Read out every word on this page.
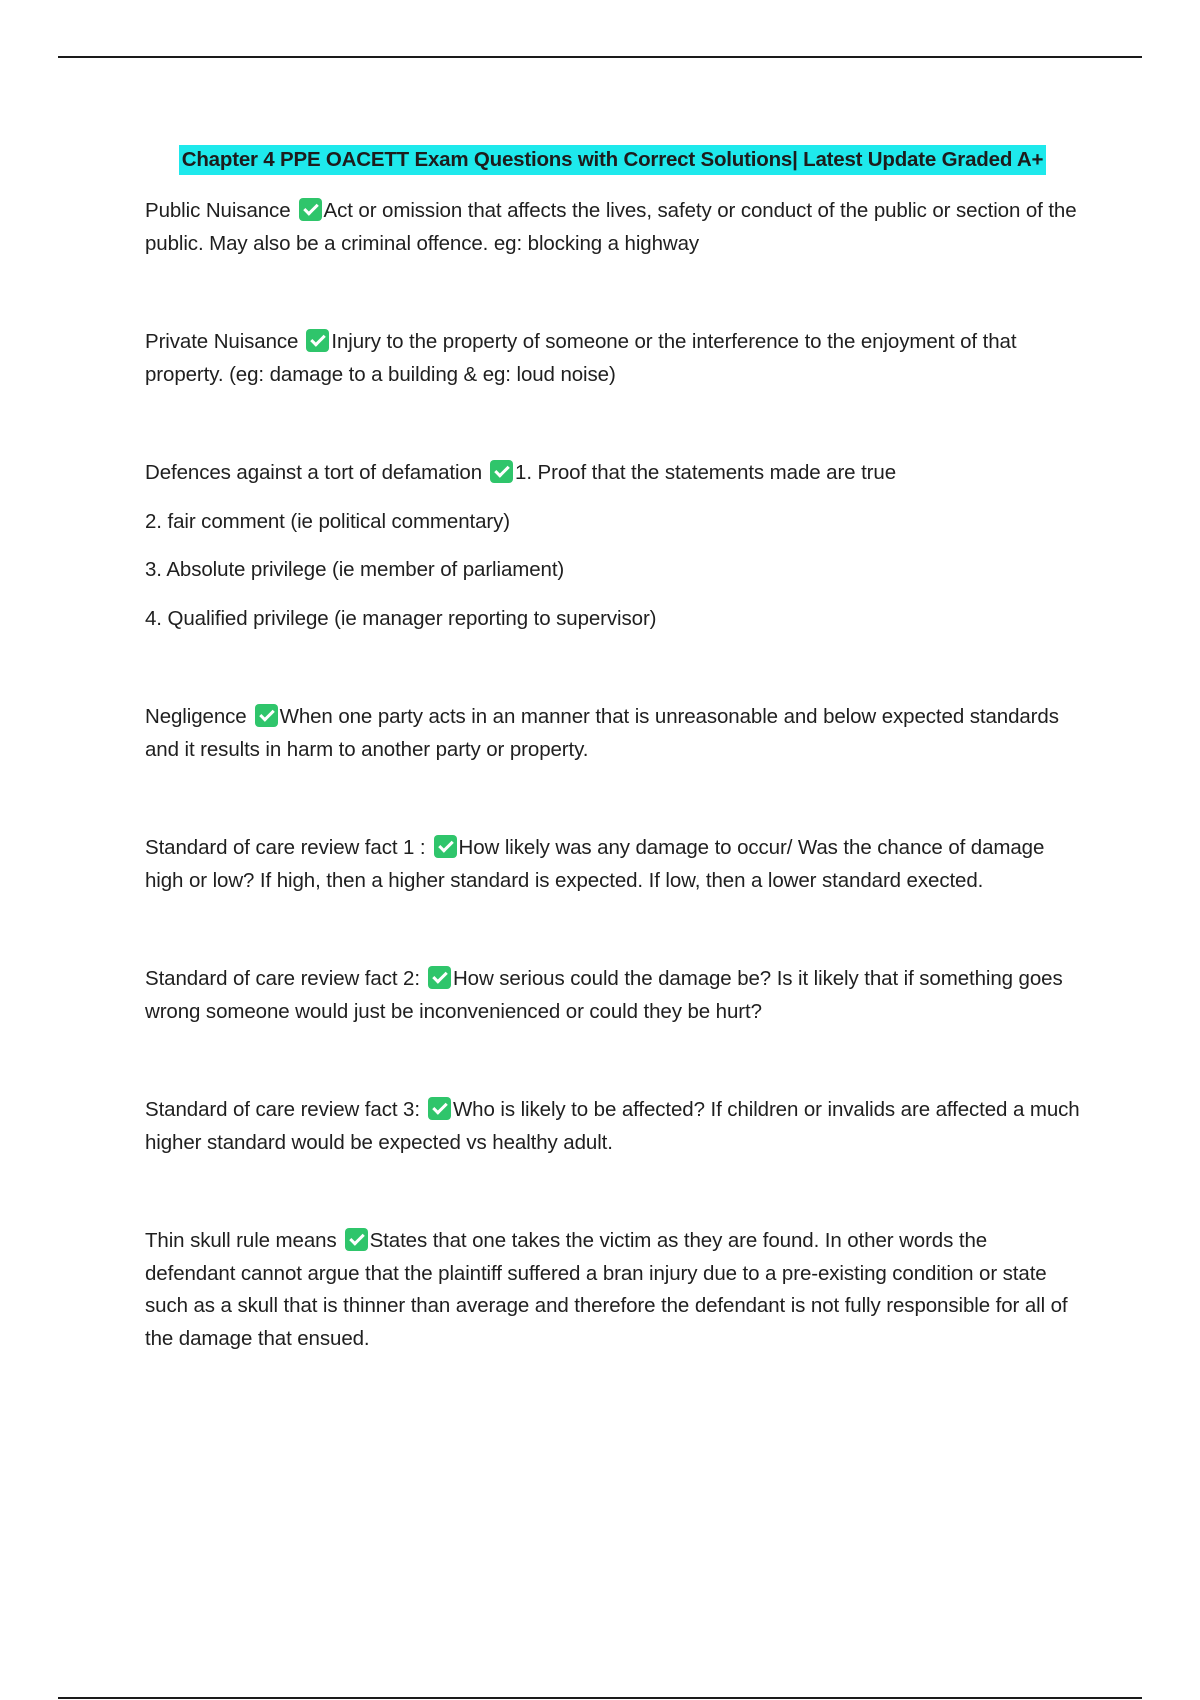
Chapter 4 PPE OACETT Exam Questions with Correct Solutions| Latest Update Graded A+

Public Nuisance Act or omission that affects the lives, safety or conduct of the public or section of the public. May also be a criminal offence. eg: blocking a highway

Private Nuisance Injury to the property of someone or the interference to the enjoyment of that property. (eg: damage to a building & eg: loud noise)

Defences against a tort of defamation 1. Proof that the statements made are true

2. fair comment (ie political commentary)

3. Absolute privilege (ie member of parliament)

4. Qualified privilege (ie manager reporting to supervisor)

Negligence When one party acts in an manner that is unreasonable and below expected standards and it results in harm to another party or property.

Standard of care review fact 1 : How likely was any damage to occur/ Was the chance of damage high or low? If high, then a higher standard is expected. If low, then a lower standard exected.

Standard of care review fact 2: How serious could the damage be? Is it likely that if something goes wrong someone would just be inconvenienced or could they be hurt?

Standard of care review fact 3: Who is likely to be affected? If children or invalids are affected a much higher standard would be expected vs healthy adult.

Thin skull rule means States that one takes the victim as they are found. In other words the defendant cannot argue that the plaintiff suffered a bran injury due to a pre-existing condition or state such as a skull that is thinner than average and therefore the defendant is not fully responsible for all of the damage that ensued.
